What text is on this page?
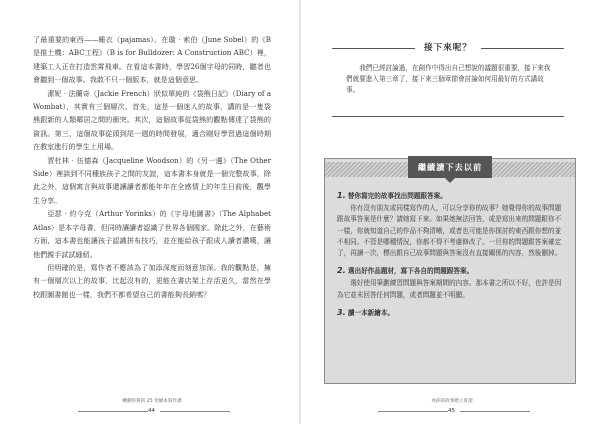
了最重要的東西——睡衣（pajamas）。在璇‧索伯（June Sobel）的《B是推土機：ABC工程》（B is for Bulldozer: A Construction ABC）裡，建築工人正在打造雲霄飛車。在看這本書時，學習26個字母的同時，聽者也會聽到一個故事。我敢不只一個版本，就是這個意思。

潔妮‧法蘭奇（Jackie French）狀似單純的《袋熊日記》（Diary of a Wombat），其實有三個層次。首先，這是一個迷人的故事，講的是一隻袋熊跟新的人類鄰居之間的衝突。其次，這個故事從袋熊的觀點傳達了袋熊的資訊。第三，這個故事從頭到尾一週的時間發展，適合剛好學習過這個時期在教室進行的學生上用場。

賀杜林‧伍德森（Jacqueline Woodson）的《另一邊》（The Other Side）裡談到不同種族孩子之間的友誼，這本書本身就是一個完整故事，除此之外，這個寓言與故事還讓讀者都能年年在全感情上的年生日前後，觀學生分享。

亞瑟‧約今克（Arthur Yorinks）的《字母地圖書》（The Alphabet Atlas）是本字母書，但同時讓讀者認識了世界各個國家。除此之外，在藝術方面，這本書也能讓孩子認識拼布技巧，並在能給孩子跟成人讀者讚嘆，讓他們親手試試縫紉。

但明確的是，寫作者不應該為了加添深度而刻意加深。我的觀點是，擁有一個層次以上的故事，比起沒有的，更能在書店架上存活更久，當然在學校跟圖書館也一樣，我們不都希望自己的書能夠長銷嗎？

接下來呢？

我們已經討論過，在創作中得出自己想說的議題很重要，接下來我們就要進入第三章了，接下來三個章節會討論如何用最好的方式講故事。

繼續讀下去以前
1. 替你寫完的故事找出問題跟答案。

你有沒有朋友或同樣寫作的人，可以分享你的故事？她覺得你的故事問題跟故事答案是什麼？請她寫下來。如果她無法回答，或是寫出來的問題跟你不一樣，你就知道自己的作品不夠清晰，或者也可能是你探討的東西跟你想的並不相同。不管是哪種情況，你都不得不考慮修改了。一旦你的問題跟答案確定了，再讀一次，標出跟自己故事問題與答案沒有直接關係的內容，然後刪掉。

2. 選出好作品題材，寫下各自的問題跟答案。

選好使用筆劃練習問題與答案期間的內容。那本書之所以不好，也許是因為它並未回答任何問題，或者問題並不明顯。

3. 讀一本新繪本。
轉動你寫的 25 堂繪本寫作課
44
為你的故事建立骨架
45
